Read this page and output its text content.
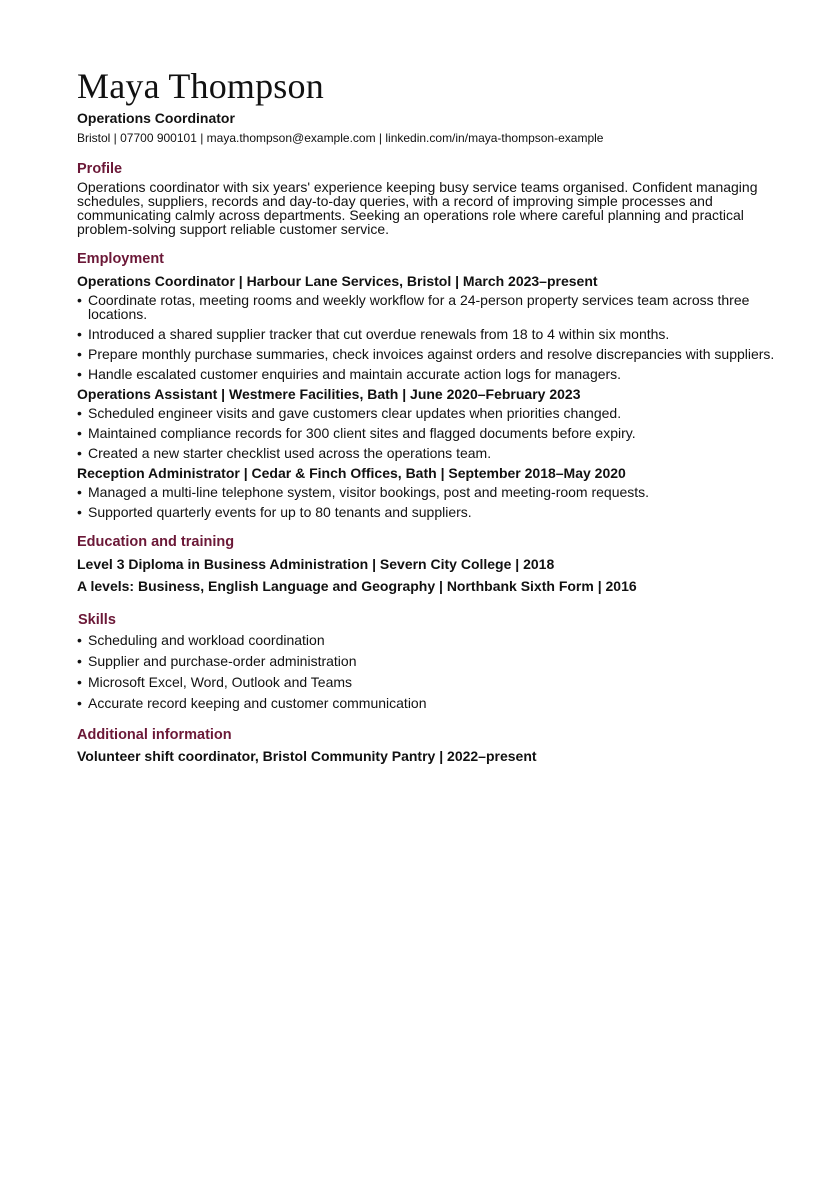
Maya Thompson
Operations Coordinator
Bristol | 07700 900101 | maya.thompson@example.com | linkedin.com/in/maya-thompson-example
Profile

Operations coordinator with six years' experience keeping busy service teams organised. Confident managing schedules, suppliers, records and day-to-day queries, with a record of improving simple processes and communicating calmly across departments. Seeking an operations role where careful planning and practical problem-solving support reliable customer service.

Employment
Operations Coordinator | Harbour Lane Services, Bristol | March 2023–present
• Coordinate rotas, meeting rooms and weekly workflow for a 24-person property services team across three locations.
• Introduced a shared supplier tracker that cut overdue renewals from 18 to 4 within six months.
• Prepare monthly purchase summaries, check invoices against orders and resolve discrepancies with suppliers.
• Handle escalated customer enquiries and maintain accurate action logs for managers.
Operations Assistant | Westmere Facilities, Bath | June 2020–February 2023
• Scheduled engineer visits and gave customers clear updates when priorities changed.
• Maintained compliance records for 300 client sites and flagged documents before expiry.
• Created a new starter checklist used across the operations team.
Reception Administrator | Cedar & Finch Offices, Bath | September 2018–May 2020
• Managed a multi-line telephone system, visitor bookings, post and meeting-room requests.
• Supported quarterly events for up to 80 tenants and suppliers.
Education and training
Level 3 Diploma in Business Administration | Severn City College | 2018
A levels: Business, English Language and Geography | Northbank Sixth Form | 2016
Skills
• Scheduling and workload coordination
• Supplier and purchase-order administration
• Microsoft Excel, Word, Outlook and Teams
• Accurate record keeping and customer communication
Additional information
Volunteer shift coordinator, Bristol Community Pantry | 2022–present
